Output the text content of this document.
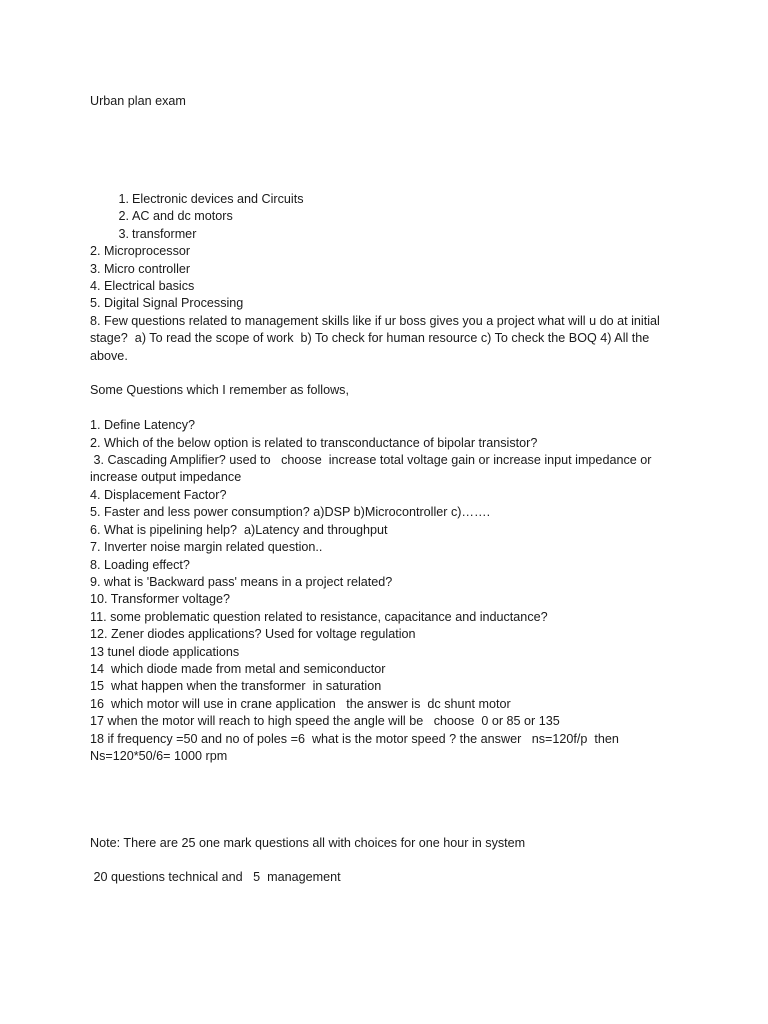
Urban plan exam
1. Electronic devices and Circuits
2. AC and dc motors
3. transformer
2. Microprocessor
3. Micro controller
4. Electrical basics
5. Digital Signal Processing
8. Few questions related to management skills like if ur boss gives you a project what will u do at initial stage?  a) To read the scope of work  b) To check for human resource c) To check the BOQ 4) All the above.
Some Questions which I remember as follows,
1. Define Latency?
2. Which of the below option is related to transconductance of bipolar transistor?
3. Cascading Amplifier? used to   choose  increase total voltage gain or increase input impedance or increase output impedance
4. Displacement Factor?
5. Faster and less power consumption? a)DSP b)Microcontroller c)…….
6. What is pipelining help?  a)Latency and throughput
7. Inverter noise margin related question..
8. Loading effect?
9. what is 'Backward pass' means in a project related?
10. Transformer voltage?
11. some problematic question related to resistance, capacitance and inductance?
12. Zener diodes applications? Used for voltage regulation
13 tunel diode applications
14  which diode made from metal and semiconductor
15  what happen when the transformer  in saturation
16  which motor will use in crane application   the answer is  dc shunt motor
17 when the motor will reach to high speed the angle will be   choose  0 or 85 or 135
18 if frequency =50 and no of poles =6  what is the motor speed ? the answer   ns=120f/p  then  Ns=120*50/6= 1000 rpm
Note: There are 25 one mark questions all with choices for one hour in system
20 questions technical and   5  management
